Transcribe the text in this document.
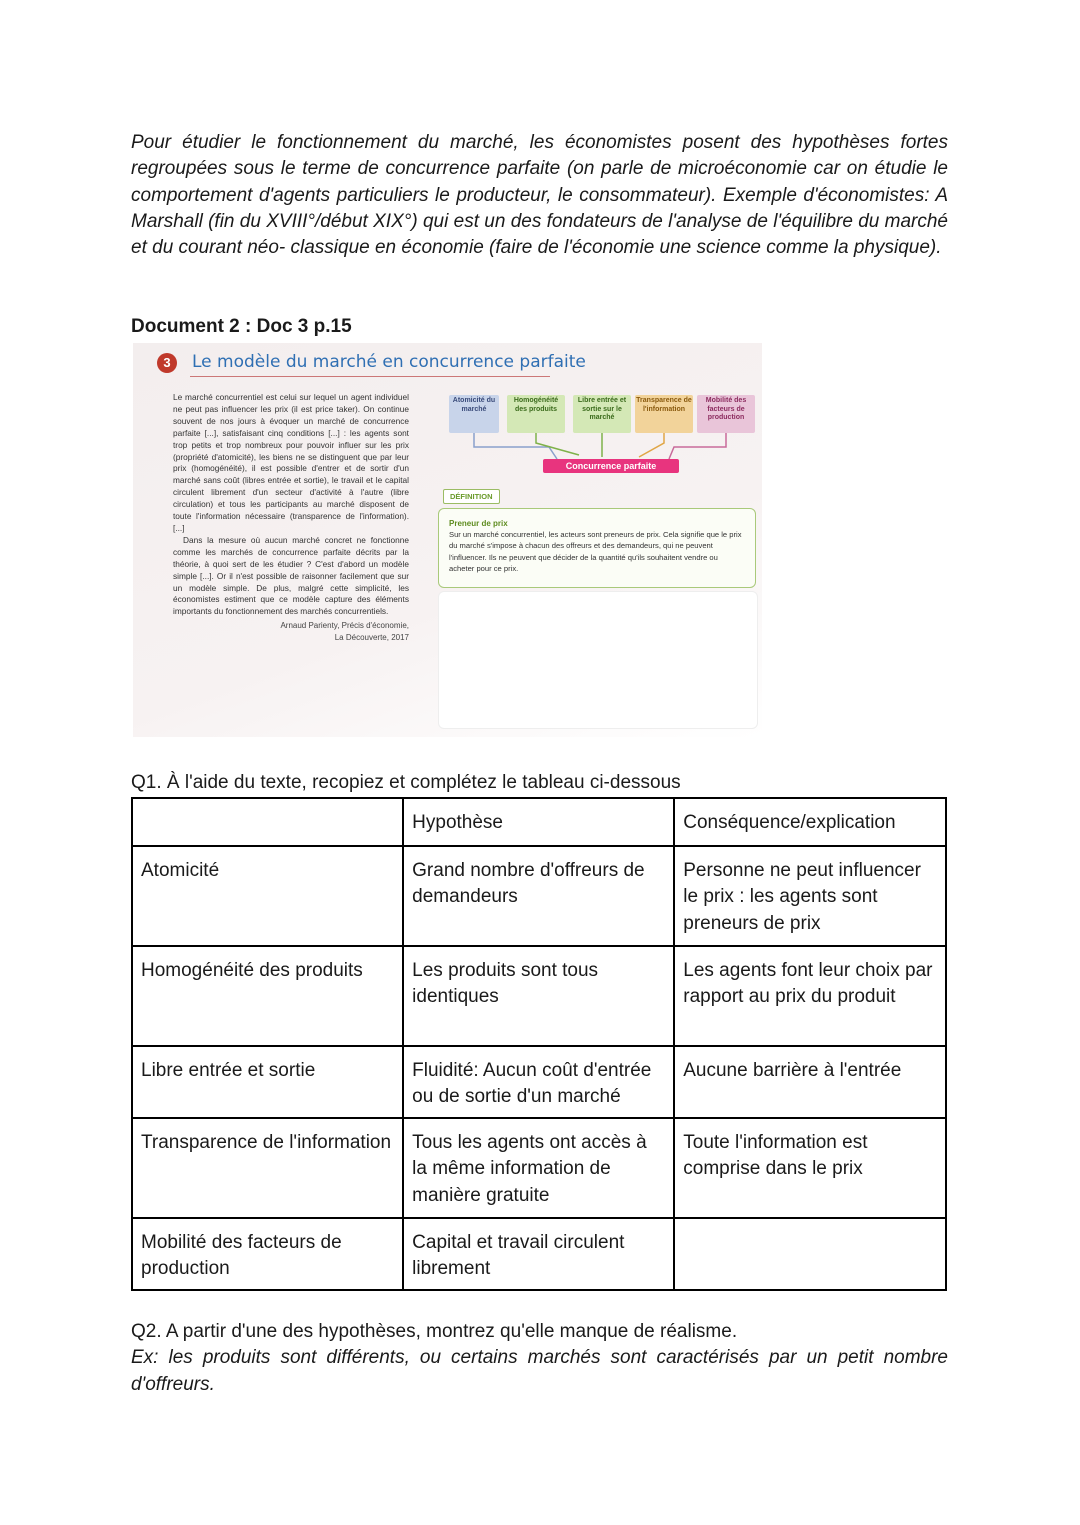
Pour étudier le fonctionnement du marché, les économistes posent des hypothèses fortes regroupées sous le terme de concurrence parfaite (on parle de microéconomie car on étudie le comportement d'agents particuliers le producteur, le consommateur). Exemple d'économistes: A Marshall (fin du XVIII°/début XIX°) qui est un des fondateurs de l'analyse de l'équilibre du marché et du courant néo- classique en économie (faire de l'économie une science comme la physique).

Document 2 : Doc 3 p.15

3	Le modèle du marché en concurrence parfaite

Le marché concurrentiel est celui sur lequel un agent individuel ne peut pas influencer les prix (il est price taker). On continue souvent de nos jours à évoquer un marché de concurrence parfaite [...], satisfaisant cinq conditions [...] : les agents sont trop petits et trop nombreux pour pouvoir influer sur les prix (propriété d'atomicité), les biens ne se distinguent que par leur prix (homogénéité), il est possible d'entrer et de sortir d'un marché sans coût (libres entrée et sortie), le travail et le capital circulent librement d'un secteur d'activité à l'autre (libre circulation) et tous les participants au marché disposent de toute l'information nécessaire (transparence de l'information). [...]

Dans la mesure où aucun marché concret ne fonctionne comme les marchés de concurrence parfaite décrits par la théorie, à quoi sert de les étudier ? C'est d'abord un modèle simple [...]. Or il n'est possible de raisonner facilement que sur un modèle simple. De plus, malgré cette simplicité, les économistes estiment que ce modèle capture des éléments importants du fonctionnement des marchés concurrentiels.

Arnaud Parienty, Précis d'économie,
La Découverte, 2017
Atomicité du marché
Homogénéité des produits
Libre entrée et sortie sur le marché
Transparence de l'information
Mobilité des facteurs de production
Concurrence parfaite
DÉFINITION

Preneur de prix

Sur un marché concurrentiel, les acteurs sont preneurs de prix. Cela signifie que le prix du marché s'impose à chacun des offreurs et des demandeurs, qui ne peuvent l'influencer. Ils ne peuvent que décider de la quantité qu'ils souhaitent vendre ou acheter pour ce prix.

Q1. À l'aide du texte, recopiez et complétez le tableau ci-dessous

	Hypothèse	Conséquence/explication
Atomicité	Grand nombre d'offreurs de demandeurs	Personne ne peut influencer le prix : les agents sont preneurs de prix
Homogénéité des produits	Les produits sont tous identiques	Les agents font leur choix par rapport au prix du produit
Libre entrée et sortie	Fluidité: Aucun coût d'entrée ou de sortie d'un marché	Aucune barrière à l'entrée
Transparence de l'information	Tous les agents ont accès à la même information de manière gratuite	Toute l'information est comprise dans le prix
Mobilité des facteurs de production	Capital et travail circulent librement	

Q2. A partir d'une des hypothèses, montrez qu'elle manque de réalisme.
Ex: les produits sont différents, ou certains marchés sont caractérisés par un petit nombre d'offreurs.
